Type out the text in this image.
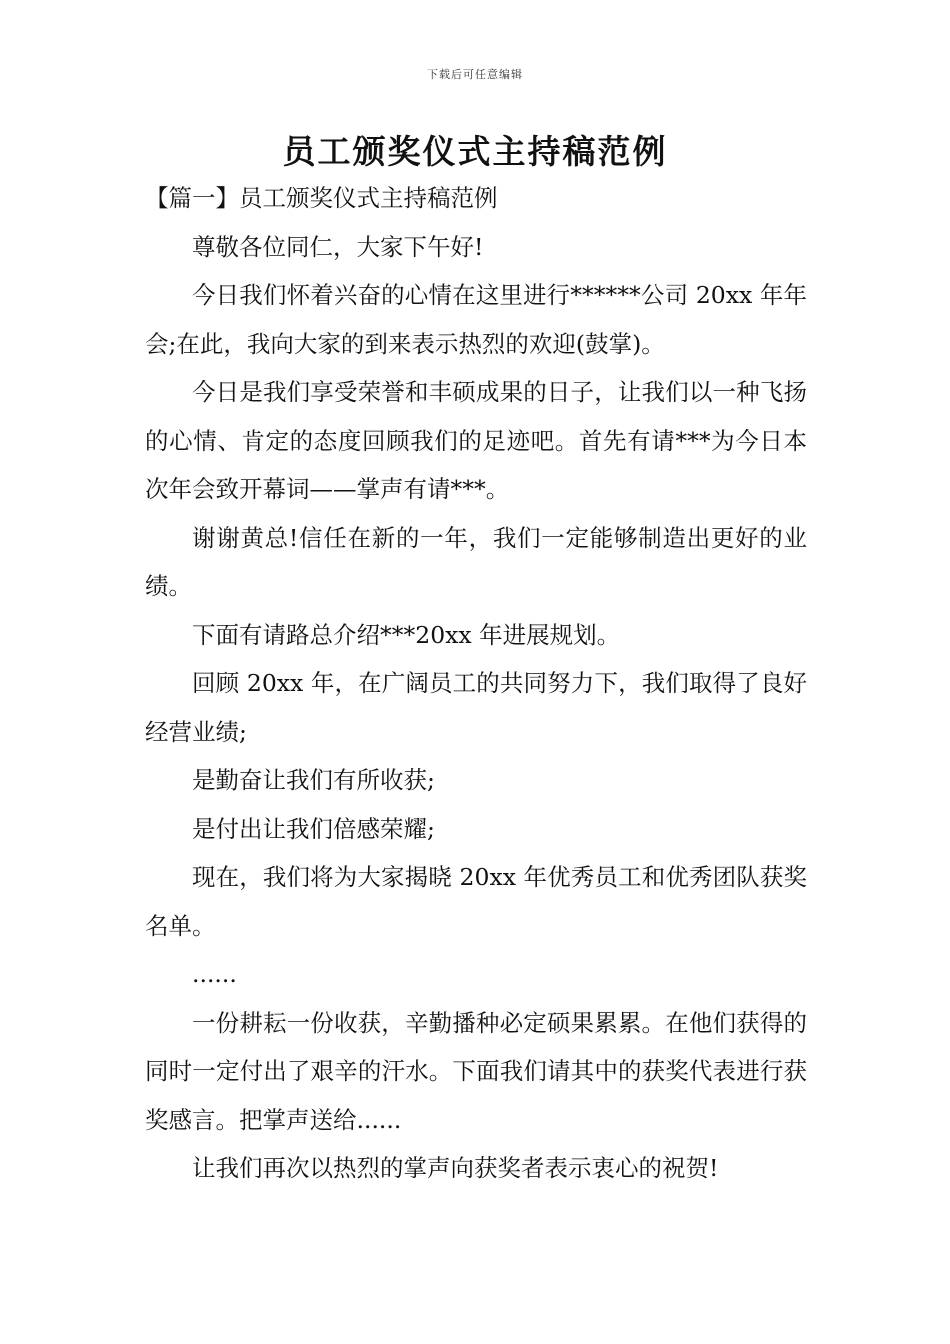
下载后可任意编辑
员工颁奖仪式主持稿范例

【篇一】员工颁奖仪式主持稿范例

尊敬各位同仁，大家下午好!

今日我们怀着兴奋的心情在这里进行******公司 20xx 年年会;在此，我向大家的到来表示热烈的欢迎(鼓掌)。

今日是我们享受荣誉和丰硕成果的日子，让我们以一种飞扬的心情、肯定的态度回顾我们的足迹吧。首先有请***为今日本次年会致开幕词——掌声有请***。

谢谢黄总!信任在新的一年，我们一定能够制造出更好的业绩。

下面有请路总介绍***20xx 年进展规划。

回顾 20xx 年，在广阔员工的共同努力下，我们取得了良好经营业绩;

是勤奋让我们有所收获;

是付出让我们倍感荣耀;

现在，我们将为大家揭晓 20xx 年优秀员工和优秀团队获奖名单。

......

一份耕耘一份收获，辛勤播种必定硕果累累。在他们获得的同时一定付出了艰辛的汗水。下面我们请其中的获奖代表进行获奖感言。把掌声送给......

让我们再次以热烈的掌声向获奖者表示衷心的祝贺!
